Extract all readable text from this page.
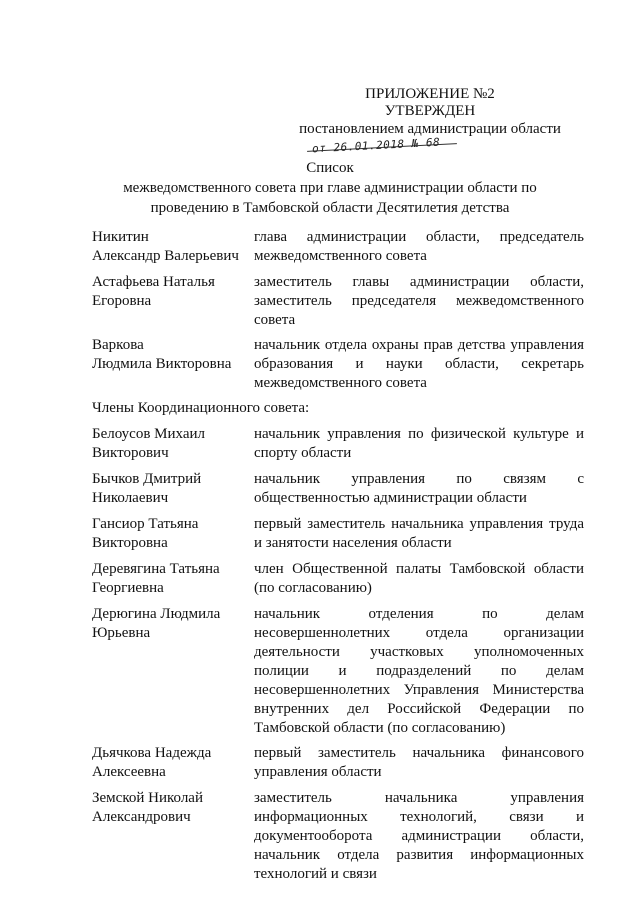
ПРИЛОЖЕНИЕ №2
УТВЕРЖДЕН
постановлением администрации области
от 26.01.2018 № 68
Список
межведомственного совета при главе администрации области по проведению в Тамбовской области Десятилетия детства
Никитин
Александр Валерьевич
глава администрации области, председатель межведомственного совета
Астафьева Наталья
Егоровна
заместитель главы администрации области, заместитель председателя межведомственного совета
Варкова
Людмила Викторовна
начальник отдела охраны прав детства управления образования и науки области, секретарь межведомственного совета
Члены Координационного совета:
Белоусов Михаил
Викторович
начальник управления по физической культуре и спорту области
Бычков Дмитрий
Николаевич
начальник управления по связям с общественностью администрации области
Гансиор Татьяна
Викторовна
первый заместитель начальника управления труда и занятости населения области
Деревягина Татьяна
Георгиевна
член Общественной палаты Тамбовской области (по согласованию)
Дерюгина Людмила
Юрьевна
начальник отделения по делам несовершеннолетних отдела организации деятельности участковых уполномоченных полиции и подразделений по делам несовершеннолетних Управления Министерства внутренних дел Российской Федерации по Тамбовской области (по согласованию)
Дьячкова Надежда
Алексеевна
первый заместитель начальника финансового управления области
Земской Николай
Александрович
заместитель начальника управления информационных технологий, связи и документооборота администрации области, начальник отдела развития информационных технологий и связи
